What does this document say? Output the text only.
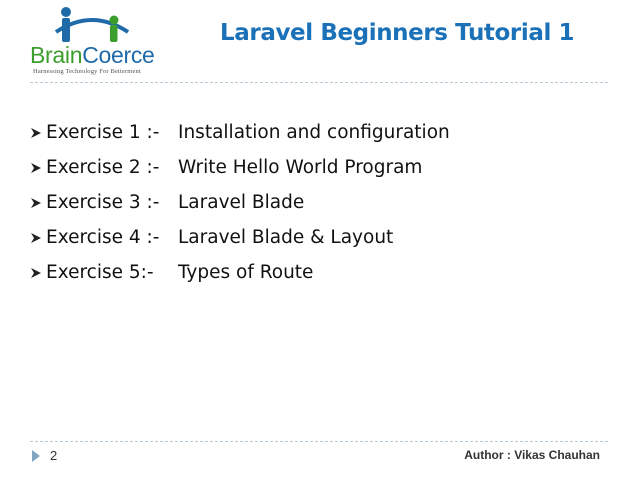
BrainCoerce
Harnessing Technology For Betterment
Laravel Beginners Tutorial 1
Exercise 1 :-	Installation and configuration
Exercise 2 :-	Write Hello World Program
Exercise 3 :-	Laravel Blade
Exercise 4 :-	Laravel Blade & Layout
Exercise 5:-	Types of Route
2	Author : Vikas Chauhan
